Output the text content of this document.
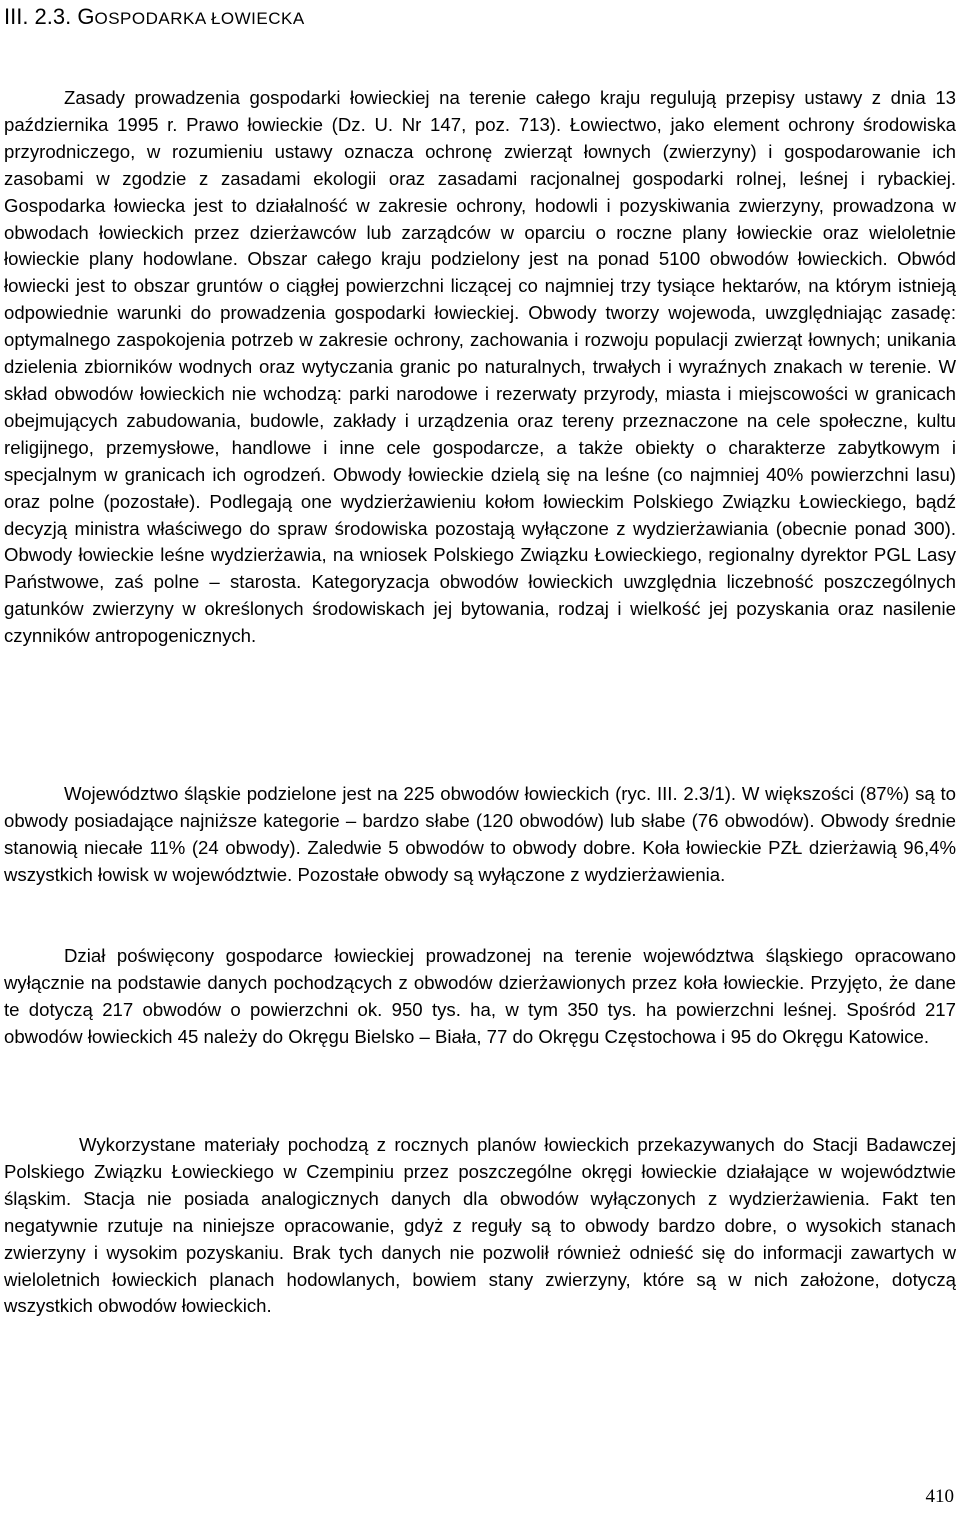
III. 2.3. GOSPODARKA ŁOWIECKA

Zasady prowadzenia gospodarki łowieckiej na terenie całego kraju regulują przepisy ustawy z dnia 13 października 1995 r. Prawo łowieckie (Dz. U. Nr 147, poz. 713). Łowiectwo, jako element ochrony środowiska przyrodniczego, w rozumieniu ustawy oznacza ochronę zwierząt łownych (zwierzyny) i gospodarowanie ich zasobami w zgodzie z zasadami ekologii oraz zasadami racjonalnej gospodarki rolnej, leśnej i rybackiej. Gospodarka łowiecka jest to działalność w zakresie ochrony, hodowli i pozyskiwania zwierzyny, prowadzona w obwodach łowieckich przez dzierżawców lub zarządców w oparciu o roczne plany łowieckie oraz wieloletnie łowieckie plany hodowlane. Obszar całego kraju podzielony jest na ponad 5100 obwodów łowieckich. Obwód łowiecki jest to obszar gruntów o ciągłej powierzchni liczącej co najmniej trzy tysiące hektarów, na którym istnieją odpowiednie warunki do prowadzenia gospodarki łowieckiej. Obwody tworzy wojewoda, uwzględniając zasadę: optymalnego zaspokojenia potrzeb w zakresie ochrony, zachowania i rozwoju populacji zwierząt łownych; unikania dzielenia zbiorników wodnych oraz wytyczania granic po naturalnych, trwałych i wyraźnych znakach w terenie. W skład obwodów łowieckich nie wchodzą: parki narodowe i rezerwaty przyrody, miasta i miejscowości w granicach obejmujących zabudowania, budowle, zakłady i urządzenia oraz tereny przeznaczone na cele społeczne, kultu religijnego, przemysłowe, handlowe i inne cele gospodarcze, a także obiekty o charakterze zabytkowym i specjalnym w granicach ich ogrodzeń. Obwody łowieckie dzielą się na leśne (co najmniej 40% powierzchni lasu) oraz polne (pozostałe). Podlegają one wydzierżawieniu kołom łowieckim Polskiego Związku Łowieckiego, bądź decyzją ministra właściwego do spraw środowiska pozostają wyłączone z wydzierżawiania (obecnie ponad 300). Obwody łowieckie leśne wydzierżawia, na wniosek Polskiego Związku Łowieckiego, regionalny dyrektor PGL Lasy Państwowe, zaś polne – starosta. Kategoryzacja obwodów łowieckich uwzględnia liczebność poszczególnych gatunków zwierzyny w określonych środowiskach jej bytowania, rodzaj i wielkość jej pozyskania oraz nasilenie czynników antropogenicznych.

Województwo śląskie podzielone jest na 225 obwodów łowieckich (ryc. III. 2.3/1). W większości (87%) są to obwody posiadające najniższe kategorie – bardzo słabe (120 obwodów) lub słabe (76 obwodów). Obwody średnie stanowią niecałe 11% (24 obwody). Zaledwie 5 obwodów to obwody dobre. Koła łowieckie PZŁ dzierżawią 96,4% wszystkich łowisk w województwie. Pozostałe obwody są wyłączone z wydzierżawienia.

Dział poświęcony gospodarce łowieckiej prowadzonej na terenie województwa śląskiego opracowano wyłącznie na podstawie danych pochodzących z obwodów dzierżawionych przez koła łowieckie. Przyjęto, że dane te dotyczą 217 obwodów o powierzchni ok. 950 tys. ha, w tym 350 tys. ha powierzchni leśnej. Spośród 217 obwodów łowieckich 45 należy do Okręgu Bielsko – Biała, 77 do Okręgu Częstochowa i 95 do Okręgu Katowice.

Wykorzystane materiały pochodzą z rocznych planów łowieckich przekazywanych do Stacji Badawczej Polskiego Związku Łowieckiego w Czempiniu przez poszczególne okręgi łowieckie działające w województwie śląskim. Stacja nie posiada analogicznych danych dla obwodów wyłączonych z wydzierżawienia. Fakt ten negatywnie rzutuje na niniejsze opracowanie, gdyż z reguły są to obwody bardzo dobre, o wysokich stanach zwierzyny i wysokim pozyskaniu. Brak tych danych nie pozwolił również odnieść się do informacji zawartych w wieloletnich łowieckich planach hodowlanych, bowiem stany zwierzyny, które są w nich założone, dotyczą wszystkich obwodów łowieckich.

410
